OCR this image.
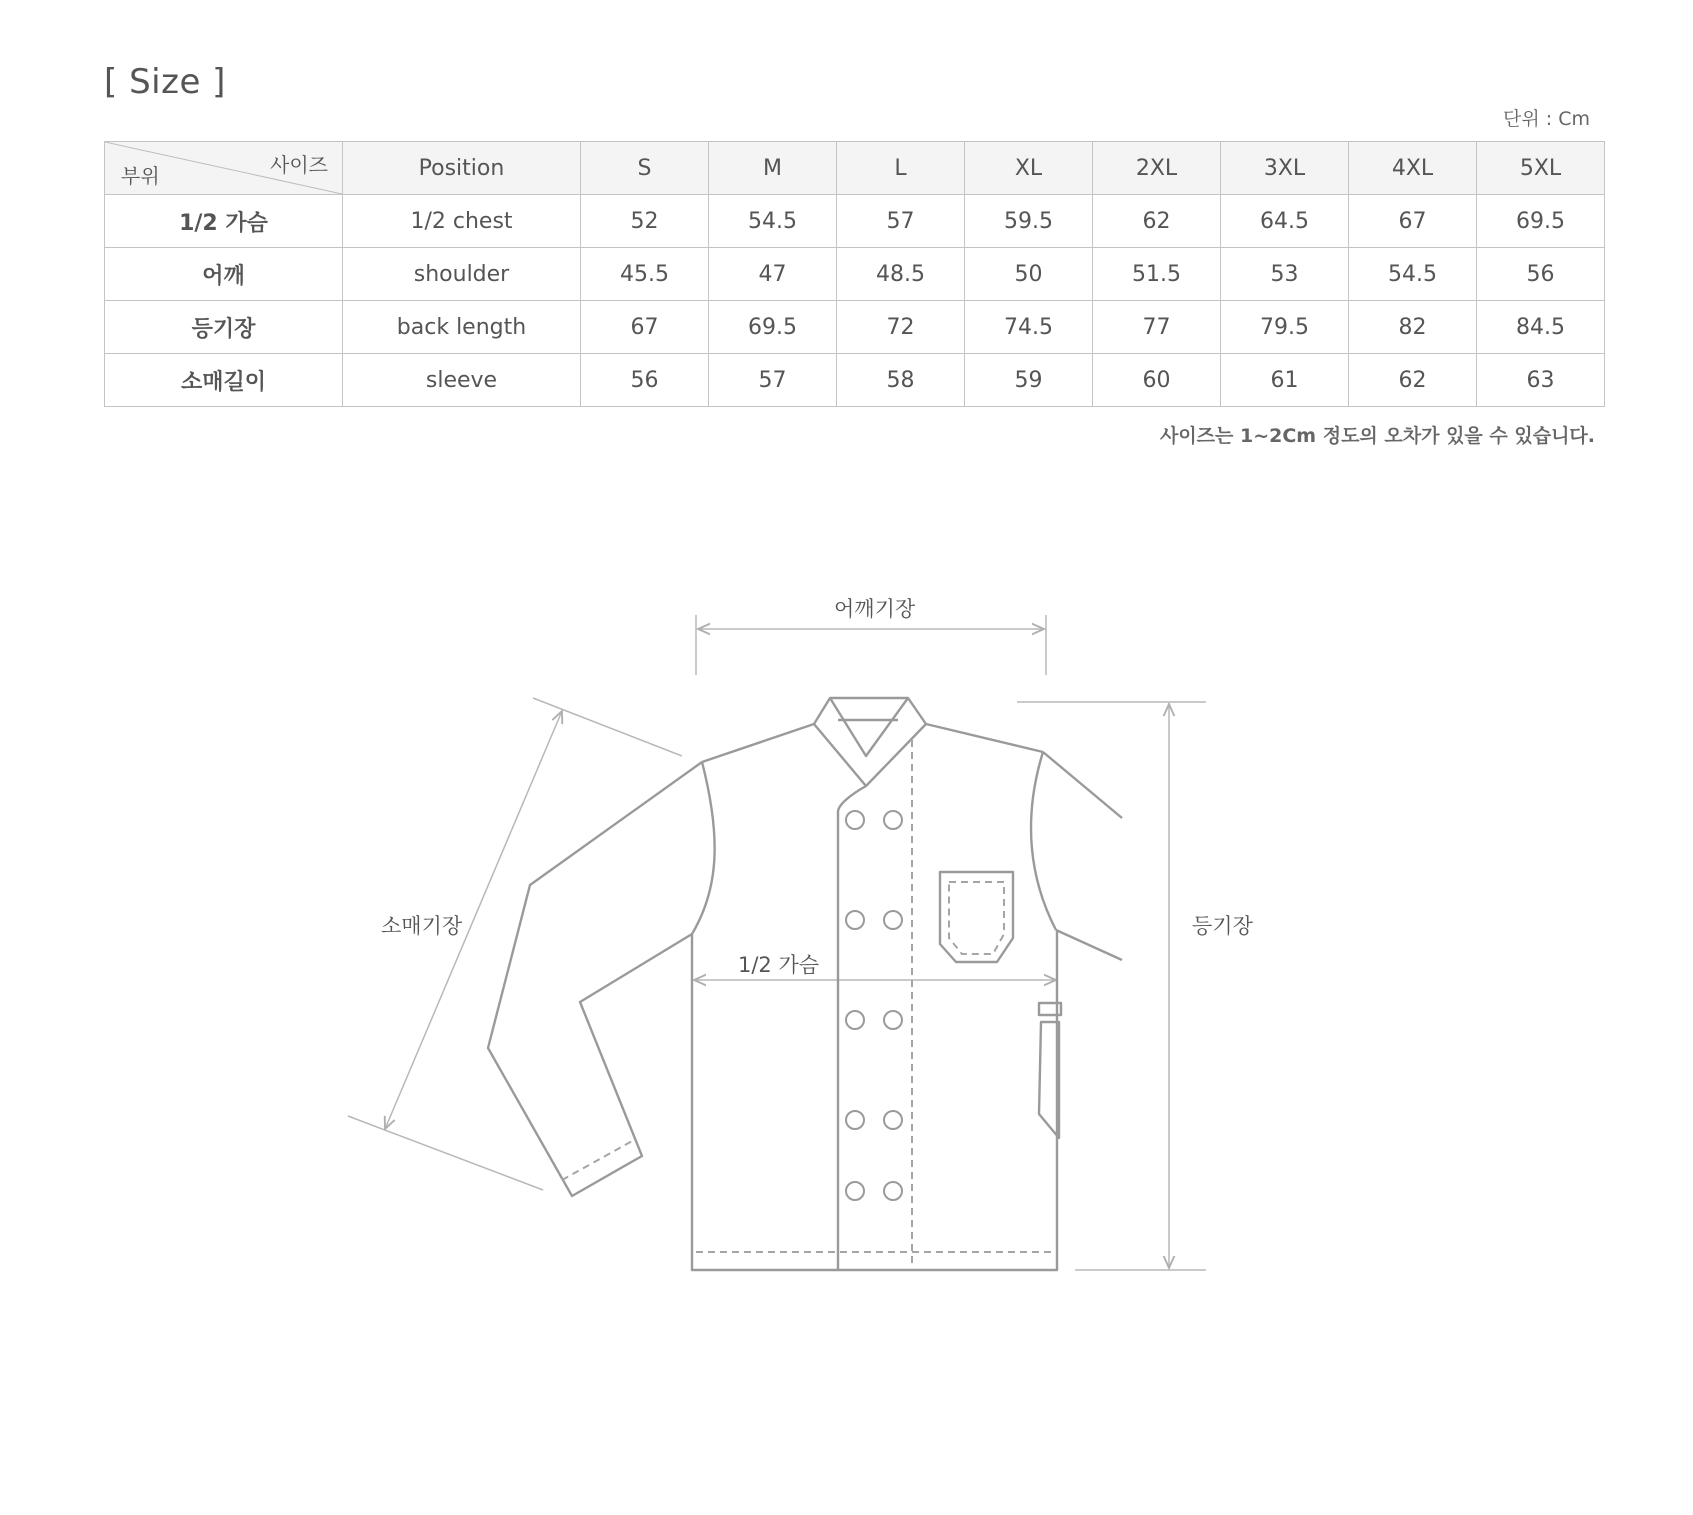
[ Size ]
단위 : Cm
사이즈
부위	Position	S	M	L	XL	2XL	3XL	4XL	5XL
1/2 가슴	1/2 chest	52	54.5	57	59.5	62	64.5	67	69.5
어깨	shoulder	45.5	47	48.5	50	51.5	53	54.5	56
등기장	back length	67	69.5	72	74.5	77	79.5	82	84.5
소매길이	sleeve	56	57	58	59	60	61	62	63
사이즈는 1~2Cm 정도의 오차가 있을 수 있습니다.
어깨기장
소매기장
1/2 가슴
등기장
